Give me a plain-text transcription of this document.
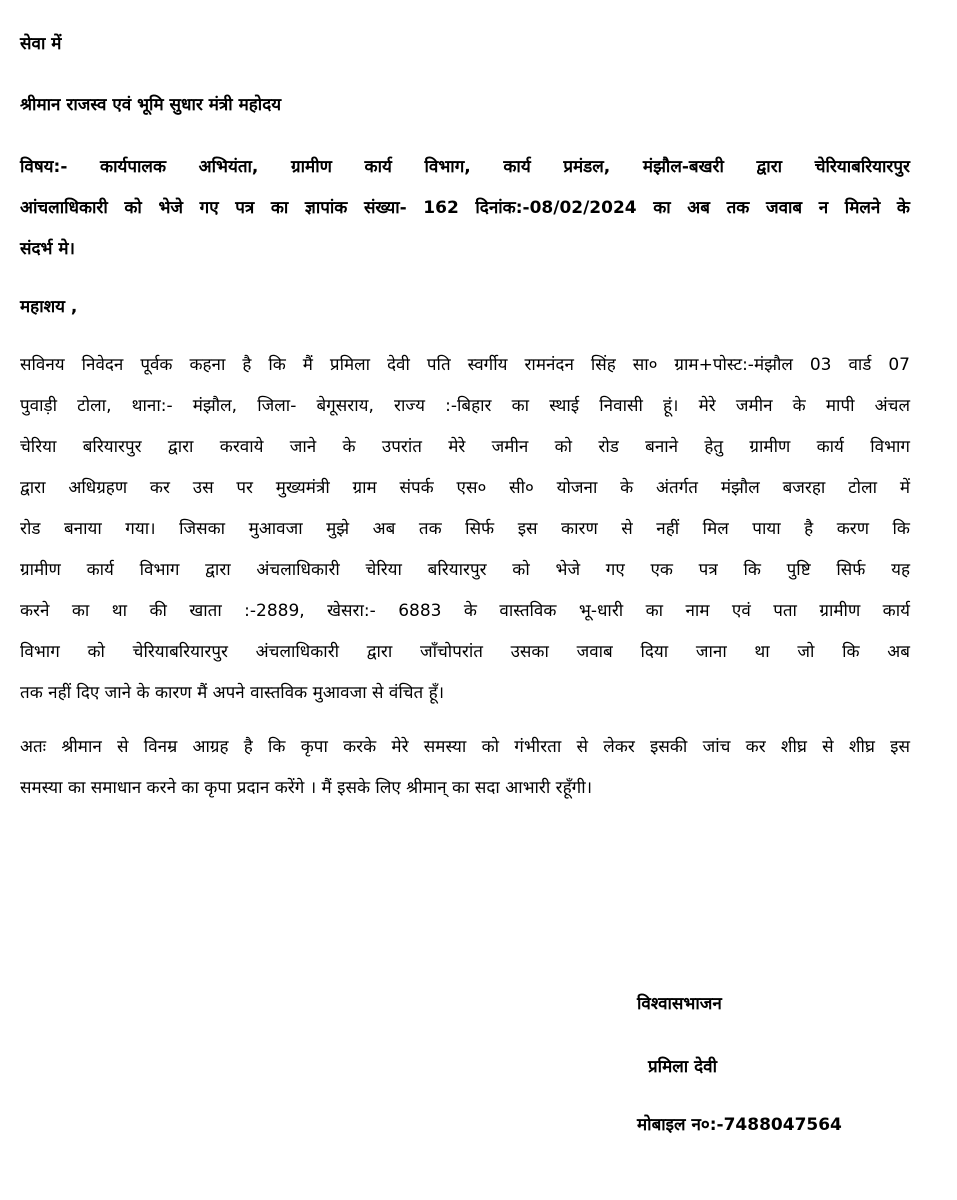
सेवा में
श्रीमान राजस्व एवं भूमि सुधार मंत्री महोदय
विषय:- कार्यपालक अभियंता, ग्रामीण कार्य विभाग, कार्य प्रमंडल, मंझौल-बखरी द्वारा चेरियाबरियारपुर
आंचलाधिकारी को भेजे गए पत्र का ज्ञापांक संख्या- 162 दिनांक:-08/02/2024 का अब तक जवाब न मिलने के
संदर्भ मे।
महाशय ,
सविनय निवेदन पूर्वक कहना है कि मैं प्रमिला देवी पति स्वर्गीय रामनंदन सिंह सा० ग्राम+पोस्ट:-मंझौल 03 वार्ड 07
पुवाड़ी टोला, थाना:- मंझौल, जिला- बेगूसराय, राज्य :-बिहार का स्थाई निवासी हूं। मेरे जमीन के मापी अंचल
चेरिया बरियारपुर द्वारा करवाये जाने के उपरांत मेरे जमीन को रोड बनाने हेतु ग्रामीण कार्य विभाग
द्वारा अधिग्रहण कर उस पर मुख्यमंत्री ग्राम संपर्क एस० सी० योजना के अंतर्गत मंझौल बजरहा टोला में
रोड बनाया गया। जिसका मुआवजा मुझे अब तक सिर्फ इस कारण से नहीं मिल पाया है करण कि
ग्रामीण कार्य विभाग द्वारा अंचलाधिकारी चेरिया बरियारपुर को भेजे गए एक पत्र कि पुष्टि सिर्फ यह
करने का था की खाता :-2889, खेसरा:- 6883 के वास्तविक भू-धारी का नाम एवं पता ग्रामीण कार्य
विभाग को चेरियाबरियारपुर अंचलाधिकारी द्वारा जाँचोपरांत उसका जवाब दिया जाना था जो कि अब
तक नहीं दिए जाने के कारण मैं अपने वास्तविक मुआवजा से वंचित हूँ।
अतः श्रीमान से विनम्र आग्रह है कि कृपा करके मेरे समस्या को गंभीरता से लेकर इसकी जांच कर शीघ्र से शीघ्र इस
समस्या का समाधान करने का कृपा प्रदान करेंगे । मैं इसके लिए श्रीमान् का सदा आभारी रहूँगी।
विश्वासभाजन
प्रमिला देवी
मोबाइल न०:-7488047564
